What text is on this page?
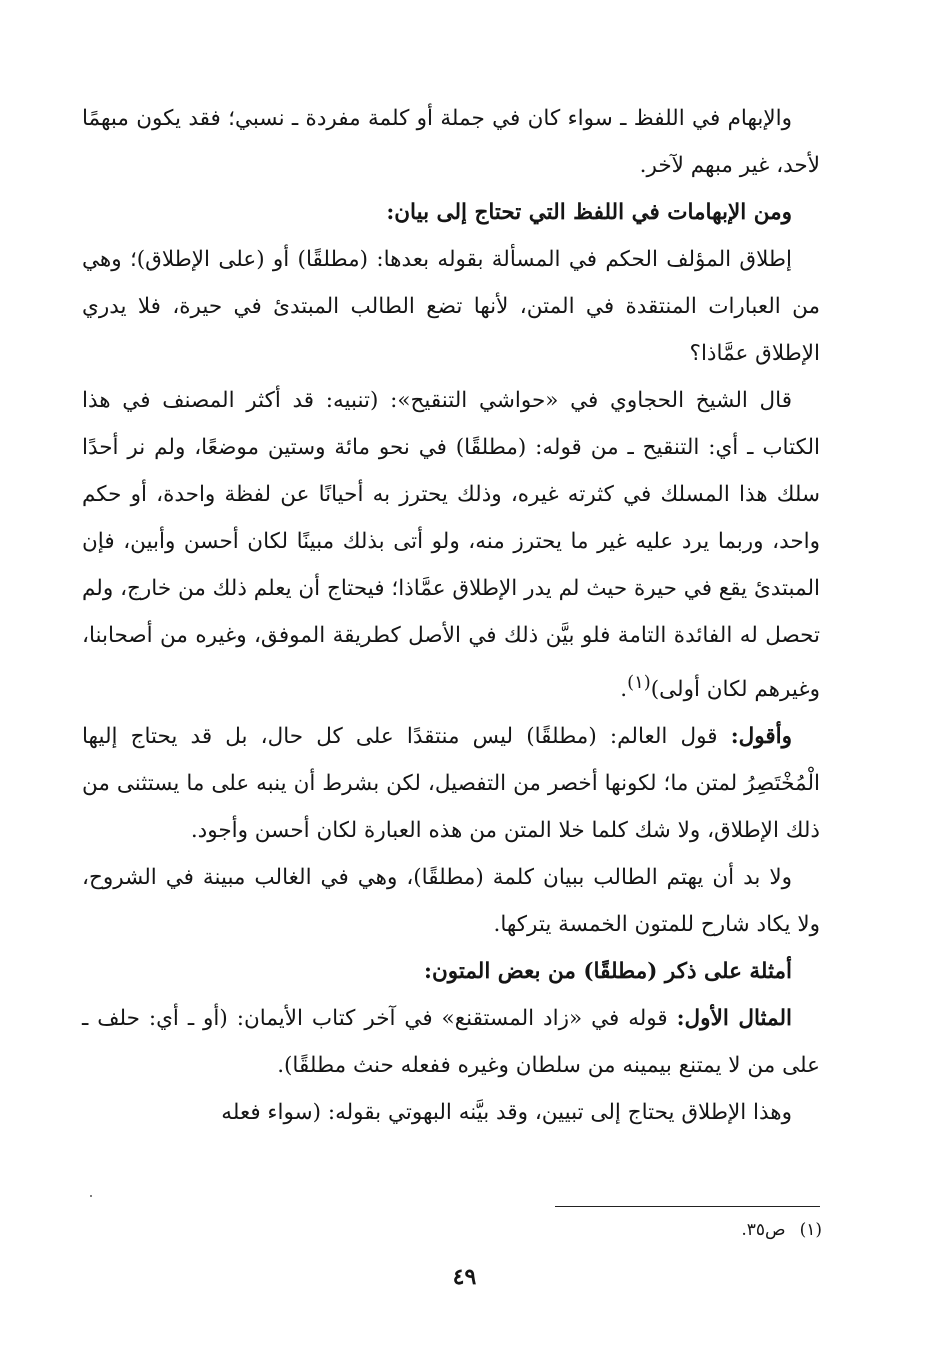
والإبهام في اللفظ ـ سواء كان في جملة أو كلمة مفردة ـ نسبي؛ فقد يكون مبهمًا لأحد، غير مبهم لآخر.

ومن الإبهامات في اللفظ التي تحتاج إلى بيان:

إطلاق المؤلف الحكم في المسألة بقوله بعدها: (مطلقًا) أو (على الإطلاق)؛ وهي من العبارات المنتقدة في المتن، لأنها تضع الطالب المبتدئ في حيرة، فلا يدري الإطلاق عمَّاذا؟

قال الشيخ الحجاوي في «حواشي التنقيح»: (تنبيه: قد أكثر المصنف في هذا الكتاب ـ أي: التنقيح ـ من قوله: (مطلقًا) في نحو مائة وستين موضعًا، ولم نر أحدًا سلك هذا المسلك في كثرته غيره، وذلك يحترز به أحيانًا عن لفظة واحدة، أو حكم واحد، وربما يرد عليه غير ما يحترز منه، ولو أتى بذلك مبينًا لكان أحسن وأبين، فإن المبتدئ يقع في حيرة حيث لم يدر الإطلاق عمَّاذا؛ فيحتاج أن يعلم ذلك من خارج، ولم تحصل له الفائدة التامة فلو بيَّن ذلك في الأصل كطريقة الموفق، وغيره من أصحابنا، وغيرهم لكان أولى)$^{(١)}$.

وأقول: قول العالم: (مطلقًا) ليس منتقدًا على كل حال، بل قد يحتاج إليها الْمُخْتَصِرُ لمتن ما؛ لكونها أخصر من التفصيل، لكن بشرط أن ينبه على ما يستثنى من ذلك الإطلاق، ولا شك كلما خلا المتن من هذه العبارة لكان أحسن وأجود.

ولا بد أن يهتم الطالب ببيان كلمة (مطلقًا)، وهي في الغالب مبينة في الشروح، ولا يكاد شارح للمتون الخمسة يتركها.

أمثلة على ذكر (مطلقًا) من بعض المتون:

المثال الأول: قوله في «زاد المستقنع» في آخر كتاب الأيمان: (أو ـ أي: حلف ـ على من لا يمتنع بيمينه من سلطان وغيره ففعله حنث مطلقًا).

وهذا الإطلاق يحتاج إلى تبيين، وقد بيَّنه البهوتي بقوله: (سواء فعله

(١)ص٣٥.
٤٩
